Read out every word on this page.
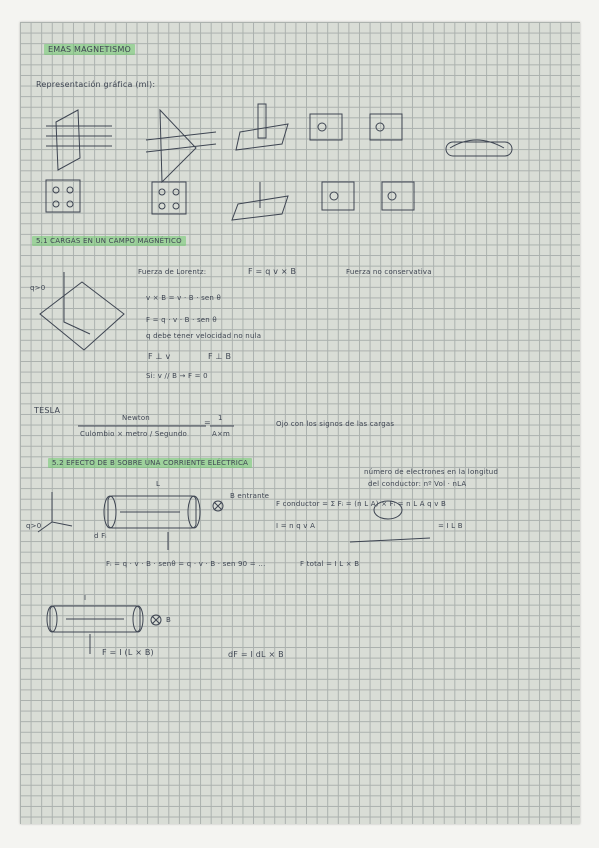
EMAS MAGNETISMO
Representación gráfica (ml):
5.1 CARGAS EN UN CAMPO MAGNÉTICO
q>0
Fuerza de Lorentz:	F = q v × B	Fuerza no conservativa
v × B = v · B · sen θ
F = q · v · B · sen θ
q debe tener velocidad no nula
F ⊥ v	F ⊥ B
Si: v // B → F = 0
TESLA
Newton
Culombio × metro / Segundo
= 1
A×m
Ojo con los signos de las cargas
5.2 EFECTO DE B SOBRE UNA CORRIENTE ELÉCTRICA
número de electrones en la longitud
del conductor: nº Vol · nLA
q>0
L
d Fᵢ
B entrante
F conductor = Σ Fᵢ = (n L A) × Fᵢ = n L A q v B
I = n q v A	= I L B
Fᵢ = q · v · B · senθ = q · v · B · sen 90 = ...	F total = I L × B
I
B
F = I (L × B)	dF = I dL × B
